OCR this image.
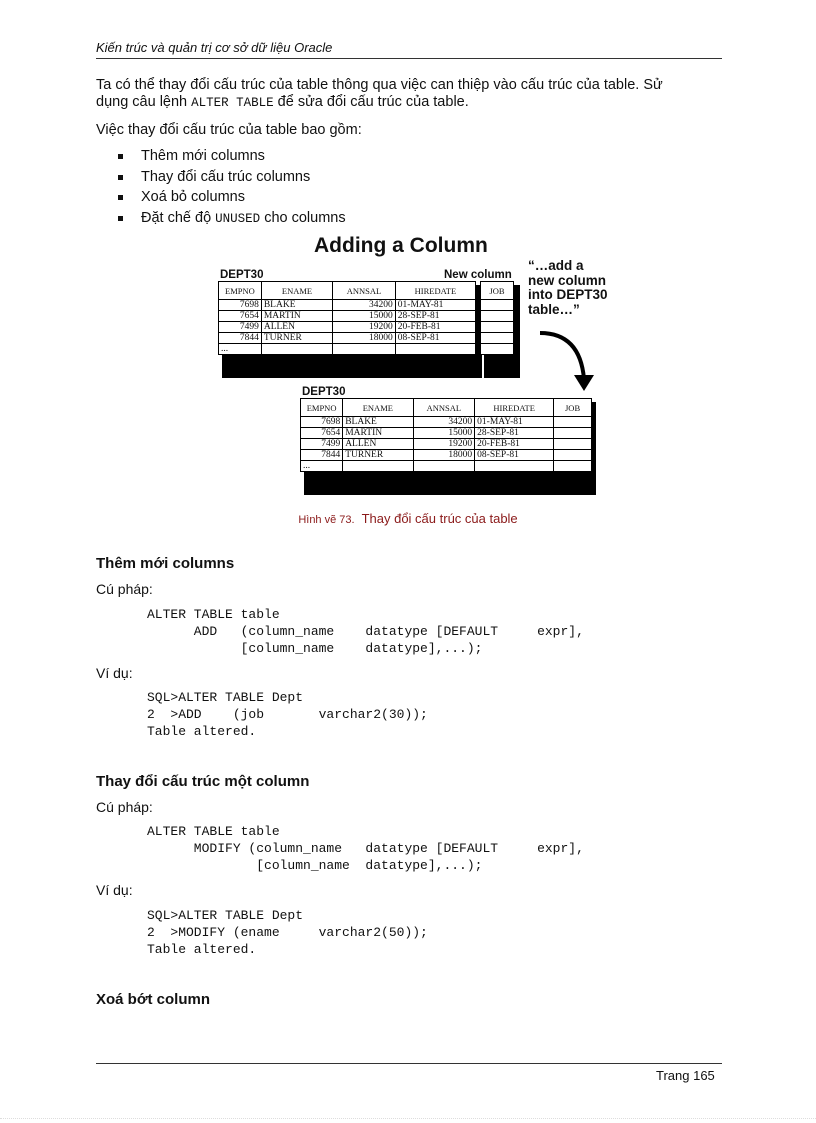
Kiến trúc và quản trị cơ sở dữ liệu Oracle
Ta có thể thay đổi cấu trúc của table thông qua việc can thiệp vào cấu trúc của table. Sử
dụng câu lệnh ALTER TABLE để sửa đổi cấu trúc của table.
Việc thay đổi cấu trúc của table bao gồm:
Thêm mới columns
Thay đổi cấu trúc columns
Xoá bỏ columns
Đặt chế độ UNUSED cho columns
Adding a Column
DEPT30	New column
“…add a new column into DEPT30 table…”
EMPNO	ENAME	ANNSAL	HIREDATE
7698	BLAKE	34200	01-MAY-81
7654	MARTIN	15000	28-SEP-81
7499	ALLEN	19200	20-FEB-81
7844	TURNER	18000	08-SEP-81
...			
JOB

DEPT30
EMPNO	ENAME	ANNSAL	HIREDATE	JOB
7698	BLAKE	34200	01-MAY-81	
7654	MARTIN	15000	28-SEP-81	
7499	ALLEN	19200	20-FEB-81	
7844	TURNER	18000	08-SEP-81	
...				
Hình vẽ 73. Thay đổi cấu trúc của table
Thêm mới columns
Cú pháp:
ALTER TABLE table
ADD   (column_name    datatype [DEFAULT     expr],
[column_name    datatype],...);
Ví dụ:
SQL>ALTER TABLE Dept
2  >ADD    (job       varchar2(30));
Table altered.
Thay đổi cấu trúc một column
Cú pháp:
ALTER TABLE table
MODIFY (column_name   datatype [DEFAULT     expr],
[column_name  datatype],...);
Ví dụ:
SQL>ALTER TABLE Dept
2  >MODIFY (ename     varchar2(50));
Table altered.
Xoá bớt column
Trang 165
